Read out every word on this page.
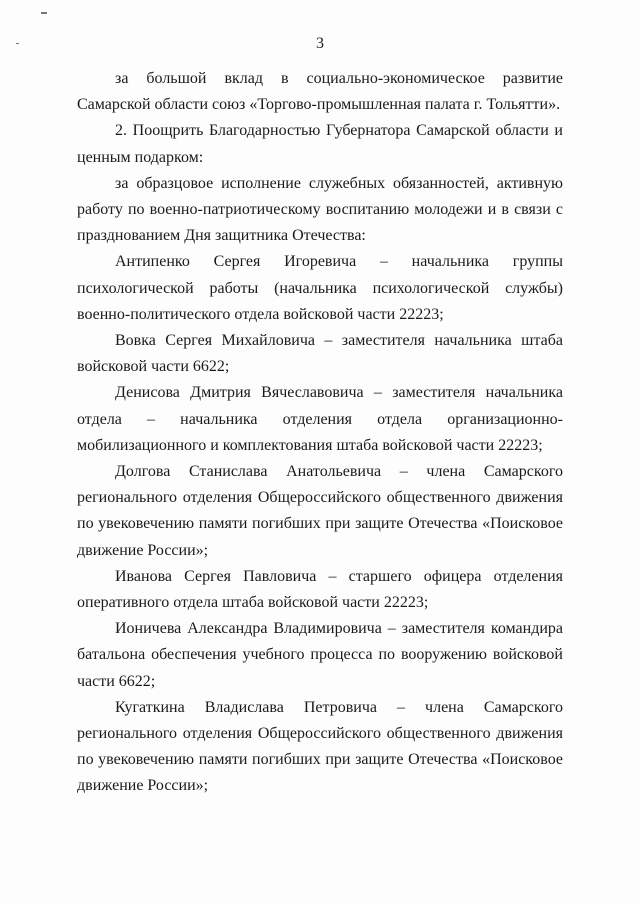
3

за большой вклад в социально-экономическое развитие Самарской области союз «Торгово-промышленная палата г. Тольятти».

2. Поощрить Благодарностью Губернатора Самарской области и ценным подарком:

за образцовое исполнение служебных обязанностей, активную работу по военно-патриотическому воспитанию молодежи и в связи с празднованием Дня защитника Отечества:

Антипенко Сергея Игоревича – начальника группы психологической работы (начальника психологической службы) военно-политического отдела войсковой части 22223;

Вовка Сергея Михайловича – заместителя начальника штаба войсковой части 6622;

Денисова Дмитрия Вячеславовича – заместителя начальника отдела – начальника отделения отдела организационно-мобилизационного и комплектования штаба войсковой части 22223;

Долгова Станислава Анатольевича – члена Самарского регионального отделения Общероссийского общественного движения по увековечению памяти погибших при защите Отечества «Поисковое движение России»;

Иванова Сергея Павловича – старшего офицера отделения оперативного отдела штаба войсковой части 22223;

Ионичева Александра Владимировича – заместителя командира батальона обеспечения учебного процесса по вооружению войсковой части 6622;

Кугаткина Владислава Петровича – члена Самарского регионального отделения Общероссийского общественного движения по увековечению памяти погибших при защите Отечества «Поисковое движение России»;
